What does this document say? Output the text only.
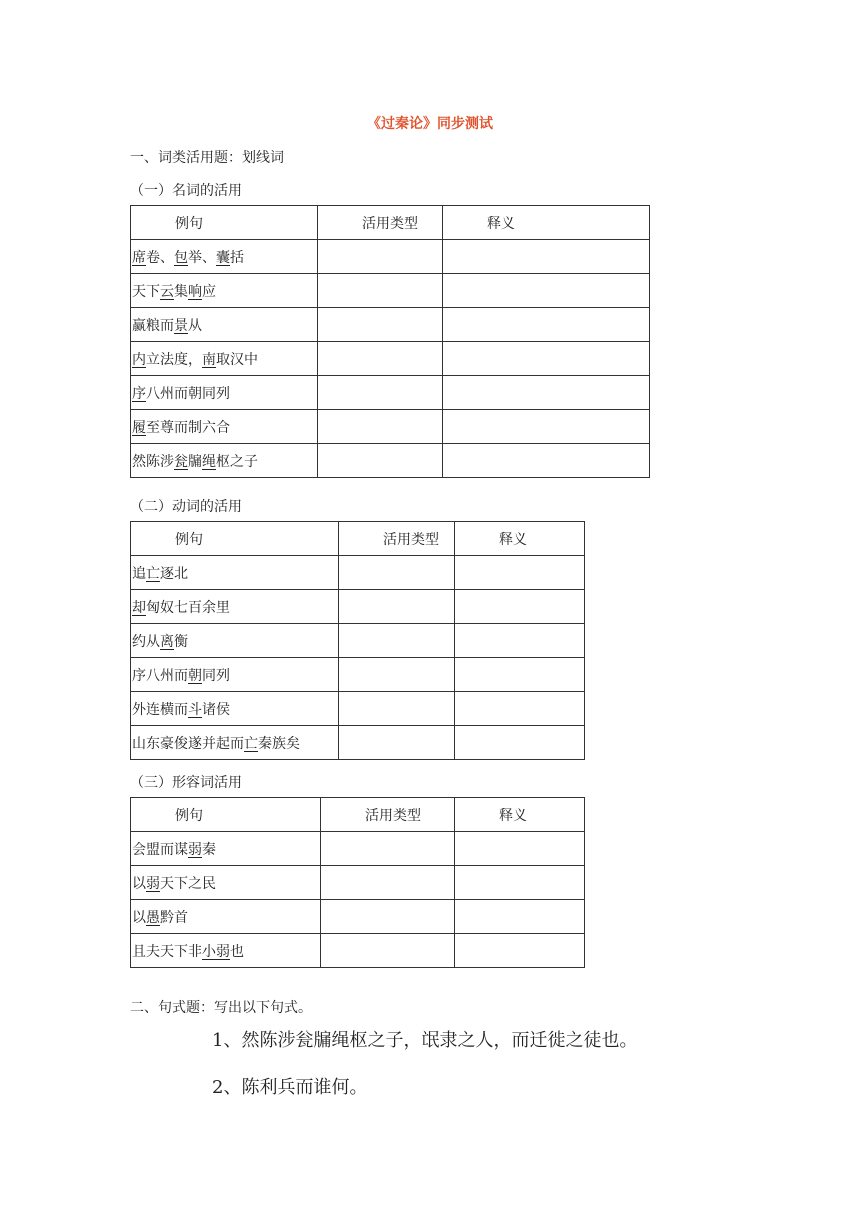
《过秦论》同步测试
一、词类活用题：划线词
（一）名词的活用
例句	活用类型	释义
席卷、包举、囊括		
天下云集响应		
赢粮而景从		
内立法度，南取汉中		
序八州而朝同列		
履至尊而制六合		
然陈涉瓮牖绳枢之子		
（二）动词的活用
例句	活用类型	释义
追亡逐北		
却匈奴七百余里		
约从离衡		
序八州而朝同列		
外连横而斗诸侯		
山东豪俊遂并起而亡秦族矣		
（三）形容词活用
例句	活用类型	释义
会盟而谋弱秦		
以弱天下之民		
以愚黔首		
且夫天下非小弱也		
二、句式题：写出以下句式。
1、然陈涉瓮牖绳枢之子，氓隶之人，而迁徙之徒也。
2、陈利兵而谁何。
